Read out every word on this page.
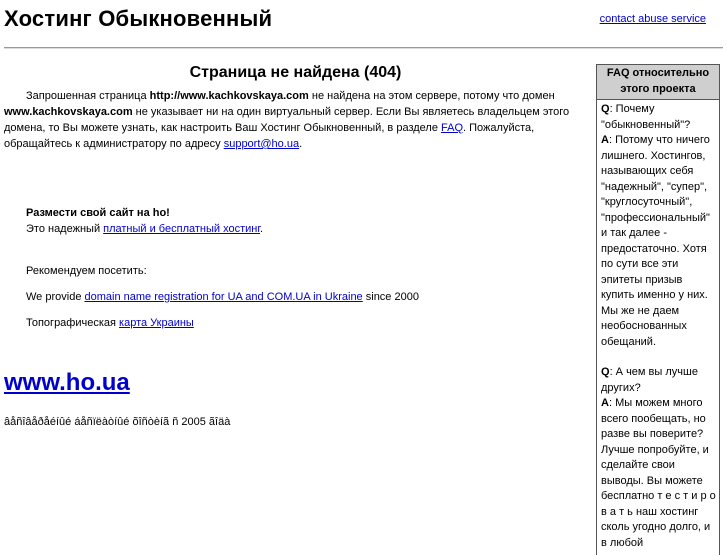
Хостинг Обыкновенный	contact abuse service
Страница не найдена (404)

Запрошенная страница http://www.kachkovskaya.com не найдена на этом сервере, потому что домен www.kachkovskaya.com не указывает ни на один виртуальный сервер. Если Вы являетесь владельцем этого домена, то Вы можете узнать, как настроить Ваш Хостинг Обыкновенный, в разделе FAQ. Пожалуйста, обращайтесь к администратору по адресу support@ho.ua.

Размести свой сайт на ho!
Это надежный платный и бесплатный хостинг.
Рекомендуем посетить:
We provide domain name registration for UA and COM.UA in Ukraine since 2000
Топографическая карта Украины
www.ho.ua
âåñîâåðåéíûé áåñïëàòíûé õîñòèíã ñ 2005 ãîäà
FAQ относительно этого проекта

Q: Почему "обыкновенный"?

A: Потому что ничего лишнего. Хостингов, называющих себя "надежный", "супер", "круглосуточный", "профессиональный" и так далее - предостаточно. Хотя по сути все эти эпитеты призыв купить именно у них. Мы же не даем необоснованных обещаний.

Q: А чем вы лучше других?

A: Мы можем много всего пообещать, но разве вы поверите? Лучше попробуйте, и сделайте свои выводы. Вы можете бесплатно т е с т и р о в а т ь наш хостинг сколь угодно долго, и в любой
